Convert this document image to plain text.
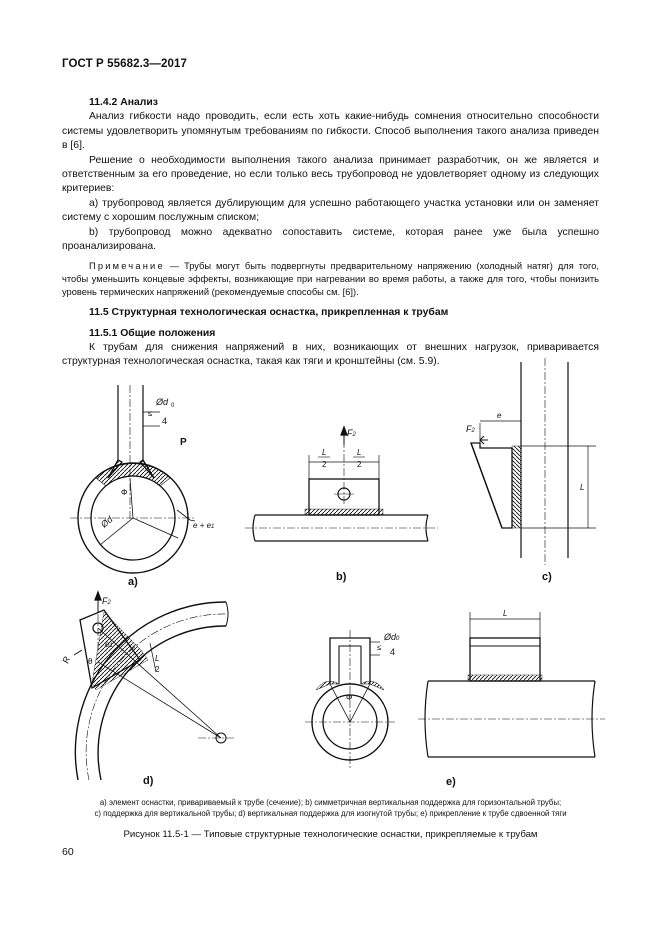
ГОСТ Р 55682.3—2017

11.4.2 Анализ

Анализ гибкости надо проводить, если есть хоть какие-нибудь сомнения относительно способности системы удовлетворить упомянутым требованиям по гибкости. Способ выполнения такого анализа приведен в [6].

Решение о необходимости выполнения такого анализа принимает разработчик, он же является и ответственным за его проведение, но если только весь трубопровод не удовлетворяет одному из следующих критериев:

a) трубопровод является дублирующим для успешно работающего участка установки или он заменяет систему с хорошим послужным списком;

b) трубопровод можно адекватно сопоставить системе, которая ранее уже была успешно проанализирована.

Примечание — Трубы могут быть подвергнуты предварительному напряжению (холодный натяг) для того, чтобы уменьшить концевые эффекты, возникающие при нагревании во время работы, а также для того, чтобы понизить уровень термических напряжений (рекомендуемые способы см. [6]).

11.5 Структурная технологическая оснастка, прикрепленная к трубам

11.5.1 Общие положения

К трубам для снижения напряжений в них, возникающих от внешних нагрузок, приваривается структурная технологическая оснастка, такая как тяги и кронштейны (см. 5.9).

≤
Ød 0
4
P
Φ
Ød	e + e1
a)
F2
L
2
L
2
b)
e
F2
L
c)
F2
e1
θ
R	L
2
d)
≤
Ød0
4
Φ
L
e)
a) элемент оснастки, привариваемый к трубе (сечение); b) симметричная вертикальная поддержка для горизонтальной трубы;
c) поддержка для вертикальной трубы; d) вертикальная поддержка для изогнутой трубы; e) прикрепление к трубе сдвоенной тяги
Рисунок 11.5-1 — Типовые структурные технологические оснастки, прикрепляемые к трубам
60
